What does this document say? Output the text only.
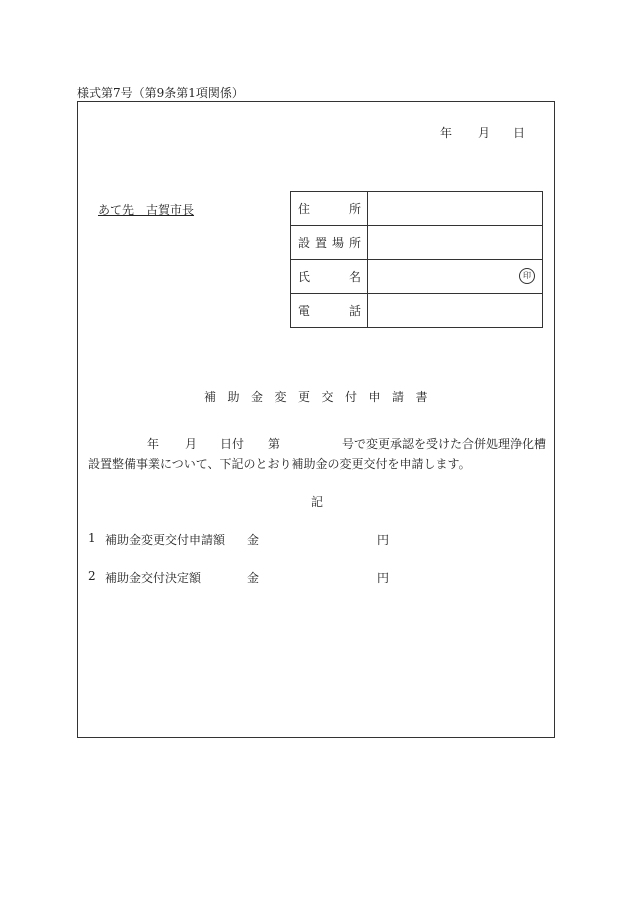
様式第7号（第9条第1項関係）
年 月 日
あて先　古賀市長	住所	
設置場所	
氏名	印

電話	
補助金変更交付申請書
年 月 日付 第	号で変更承認を受けた合併処理浄化槽
設置整備事業について、下記のとおり補助金の変更交付を申請します。
記
1 補助金変更交付申請額 金	円
2 補助金交付決定額	金	円
